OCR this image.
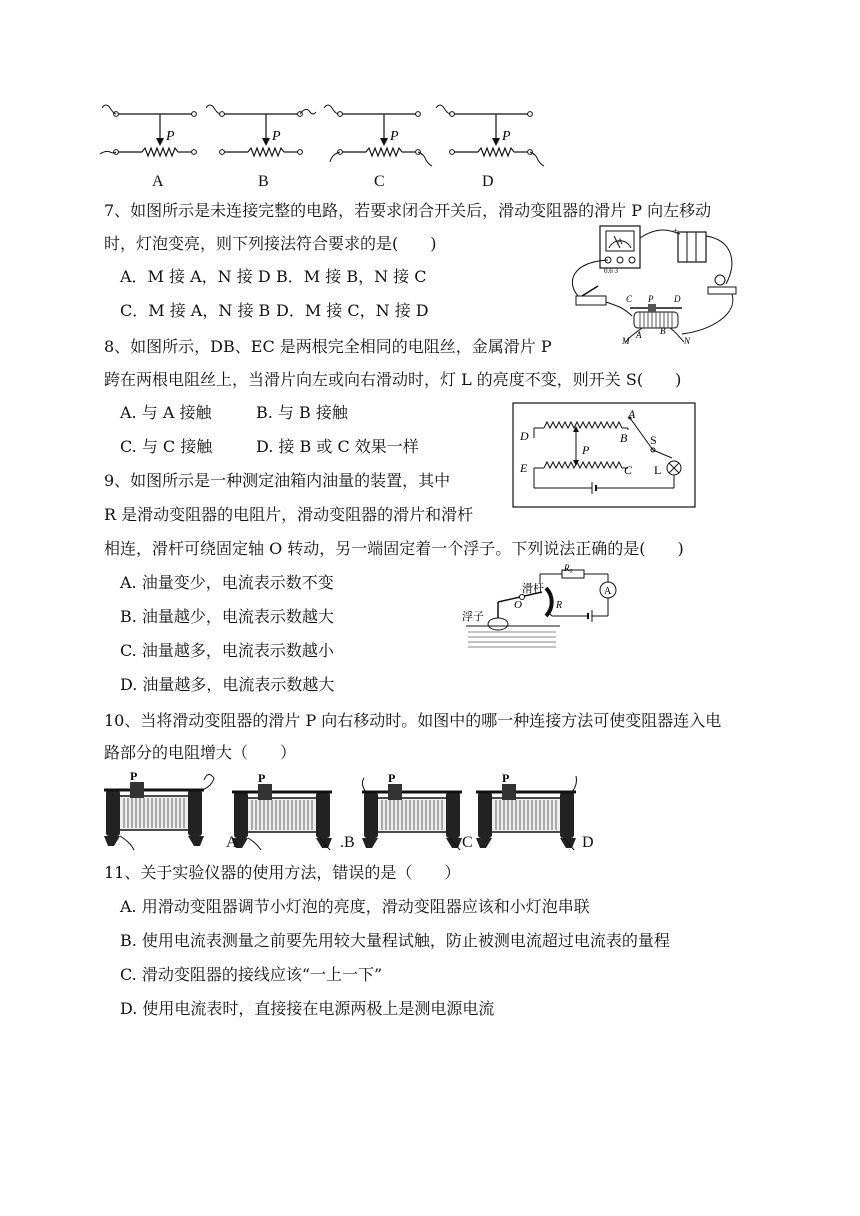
P	P	P	P
A	B	C	D
7、如图所示是未连接完整的电路，若要求闭合开关后，滑动变阻器的滑片 P 向左移动
时，灯泡变亮，则下列接法符合要求的是(　　)
A．M 接 A，N 接 D B．M 接 B，N 接 C
C．M 接 A，N 接 B D．M 接 C，N 接 D
A
0.6 3
+
C P D
A B
M	N
8、如图所示，DB、EC 是两根完全相同的电阻丝，金属滑片 P
跨在两根电阻丝上，当滑片向左或向右滑动时，灯 L 的亮度不变，则开关 S(　　)
A. 与 A 接触	B. 与 B 接触
C. 与 C 接触	D. 接 B 或 C 效果一样
A
B S
D
E
P
C L
9、如图所示是一种测定油箱内油量的装置，其中
R 是滑动变阻器的电阻片，滑动变阻器的滑片和滑杆
相连，滑杆可绕固定轴 O 转动，另一端固定着一个浮子。下列说法正确的是(　　)
A. 油量变少，电流表示数不变
B. 油量越少，电流表示数越大
C. 油量越多，电流表示数越小
D. 油量越多，电流表示数越大
A
R₀
滑杆
O	R
浮子
10、当将滑动变阻器的滑片 P 向右移动时。如图中的哪一种连接方法可使变阻器连入电
路部分的电阻增大（　　）
P	P	P	P
A	.B	C	D
11、关于实验仪器的使用方法，错误的是（　　）
A. 用滑动变阻器调节小灯泡的亮度，滑动变阻器应该和小灯泡串联
B. 使用电流表测量之前要先用较大量程试触，防止被测电流超过电流表的量程
C. 滑动变阻器的接线应该“一上一下”
D. 使用电流表时，直接接在电源两极上是测电源电流
